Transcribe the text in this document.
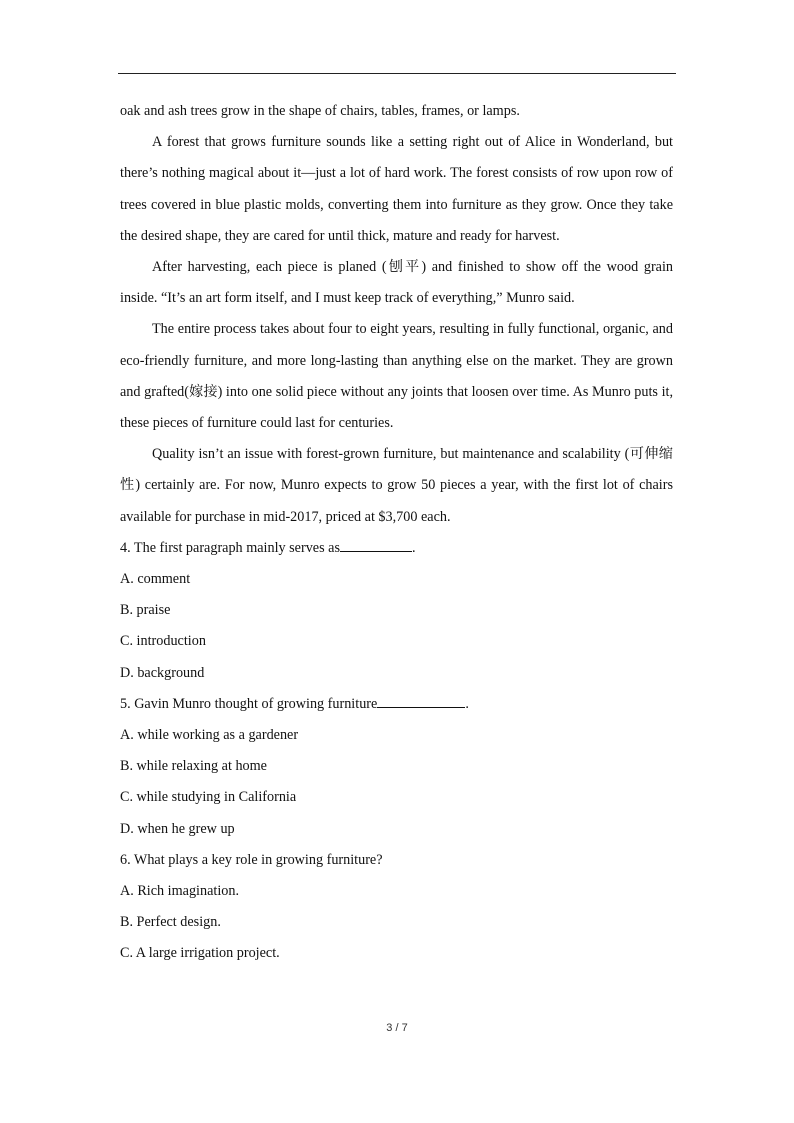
oak and ash trees grow in the shape of chairs, tables, frames, or lamps.

A forest that grows furniture sounds like a setting right out of Alice in Wonderland, but there’s nothing magical about it—just a lot of hard work. The forest consists of row upon row of trees covered in blue plastic molds, converting them into furniture as they grow. Once they take the desired shape, they are cared for until thick, mature and ready for harvest.

After harvesting, each piece is planed (刨平) and finished to show off the wood grain inside. “It’s an art form itself, and I must keep track of everything,” Munro said.

The entire process takes about four to eight years, resulting in fully functional, organic, and eco-friendly furniture, and more long-lasting than anything else on the market. They are grown and grafted(嫁接) into one solid piece without any joints that loosen over time. As Munro puts it, these pieces of furniture could last for centuries.

Quality isn’t an issue with forest-grown furniture, but maintenance and scalability (可伸缩性) certainly are. For now, Munro expects to grow 50 pieces a year, with the first lot of chairs available for purchase in mid-2017, priced at $3,700 each.

4. The first paragraph mainly serves as	.

A. comment

B. praise

C. introduction

D. background

5. Gavin Munro thought of growing furniture	.

A. while working as a gardener

B. while relaxing at home

C. while studying in California

D. when he grew up

6. What plays a key role in growing furniture?

A. Rich imagination.

B. Perfect design.

C. A large irrigation project.

3 / 7
